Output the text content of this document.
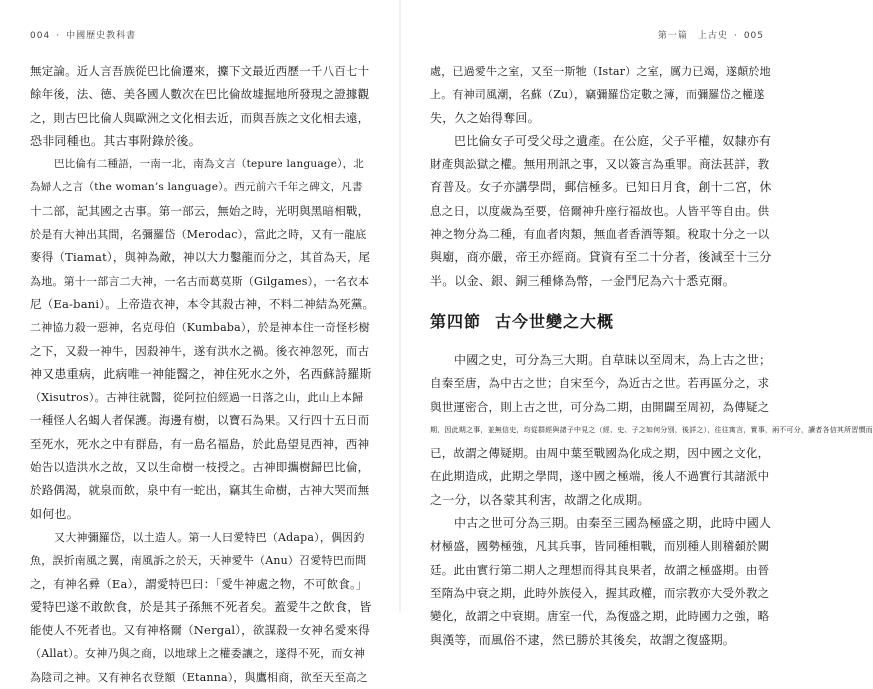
004 · 中國歷史教科書
無定論。近人言吾族從巴比倫遷來，攈下文最近西歷一千八百七十
餘年後，法、德、美各國人數次在巴比倫故墟掘地所發現之證據觀
之，則古巴比倫人與歐洲之文化相去近，而與吾族之文化相去遠，
恐非同種也。其古事附錄於後。
巴比倫有二種語，一南一北，南為文言（tepure language），北
為婦人之言（the woman’s language）。西元前六千年之碑文，凡書
十二部，記其國之古事。第一部云，無始之時，光明與黑暗相戰，
於是有大神出其間，名彌羅岱（Merodac），當此之時，又有一龍底
麥得（Tiamat），與神為敵，神以大力鑿龍而分之，其首為天，尾
為地。第十一部言二大神，一名古而葛莫斯（Gilgames），一名衣本
尼（Ea-bani）。上帝造衣神，本令其殺古神，不料二神結為死黨。
二神協力殺一惡神，名克母伯（Kumbaba），於是神本住一奇怪杉樹
之下，又殺一神牛，因殺神牛，遂有洪水之禍。後衣神忽死，而古
神又患重病，此病唯一神能醫之，神住死水之外，名西蘇詩羅斯
（Xisutros）。古神往就醫，從阿拉伯經過一日落之山，此山上本歸
一種怪人名蝎人者保護。海邊有樹，以寶石為果。又行四十五日而
至死水，死水之中有群島，有一島名福島，於此島望見西神，西神
始告以造洪水之故，又以生命樹一枝授之。古神即攜樹歸巴比倫，
於路偶渴，就泉而飲，泉中有一蛇出，竊其生命樹，古神大哭而無
如何也。
又大神彌羅岱，以土造人。第一人曰愛特巴（Adapa），偶因釣
魚，誤折南風之翼，南風訴之於天，天神愛牛（Anu）召愛特巴而問
之，有神名彛（Ea），謂愛特巴曰：「愛牛神處之物，不可飲食。」
愛特巴遂不敢飲食，於是其子孫無不死者矣。蓋愛牛之飲食，皆
能使人不死者也。又有神格爾（Nergal），欲謀殺一女神名愛來得
（Allat）。女神乃與之商，以地球上之權委讓之，遂得不死，而女神
為陰司之神。又有神名衣登額（Etanna），與鷹相商，欲至天至高之
第一篇　上古史 · 005
處，已過愛牛之室，又至一斯牠（Istar）之室，厲力已竭，遂顛於地
上。有神司風潮，名蘇（Zu），竊彌羅岱定數之簿，而彌羅岱之權遂
失，久之始得奪回。
巴比倫女子可受父母之遺產。在公庭，父子平權，奴隸亦有
財產與訟獄之權。無用刑訊之事，又以簽言為重罪。商法甚詳，教
育普及。女子亦講學問，郵信極多。已知日月食，創十二宮，休
息之日，以度歲為至要，倍爾神升座行福故也。人皆平等自由。供
神之物分為二種，有血者肉類，無血者香酒等類。稅取十分之一以
與廟，商亦嚴，帝王亦經商。貸資有至二十分者，後減至十三分
半。以金、銀、銅三種條為幣，一金鬥尼為六十悉克爾。
第四節 古今世變之大概
中國之史，可分為三大期。自草昧以至周末，為上古之世；
自秦至唐，為中古之世；自宋至今，為近古之世。若再區分之，求
與世運密合，則上古之世，可分為二期，由開闢至周初，為傳疑之
期，因此期之事，並無信史，均從群經與諸子中見之（經、史、子之如何分別，後詳之），往往寓言，實事，兩不可分，讀者各信其所習慣而
已，故謂之傳疑期。由周中葉至戰國為化成之期，因中國之文化，
在此期造成，此期之學問，遂中國之極端，後人不過實行其諸派中
之一分，以各蒙其利害，故謂之化成期。
中古之世可分為三期。由秦至三國為極盛之期，此時中國人
材極盛，國勢極強，凡其兵事，皆同種相戰，而別種人則稽顙於闕
廷。此由實行第二期人之理想而得其良果者，故謂之極盛期。由晉
至隋為中衰之期，此時外族侵入，握其政權，而宗教亦大受外教之
變化，故謂之中衰期。唐室一代，為復盛之期，此時國力之強，略
與漢等，而風俗不逮，然已勝於其後矣，故謂之復盛期。
